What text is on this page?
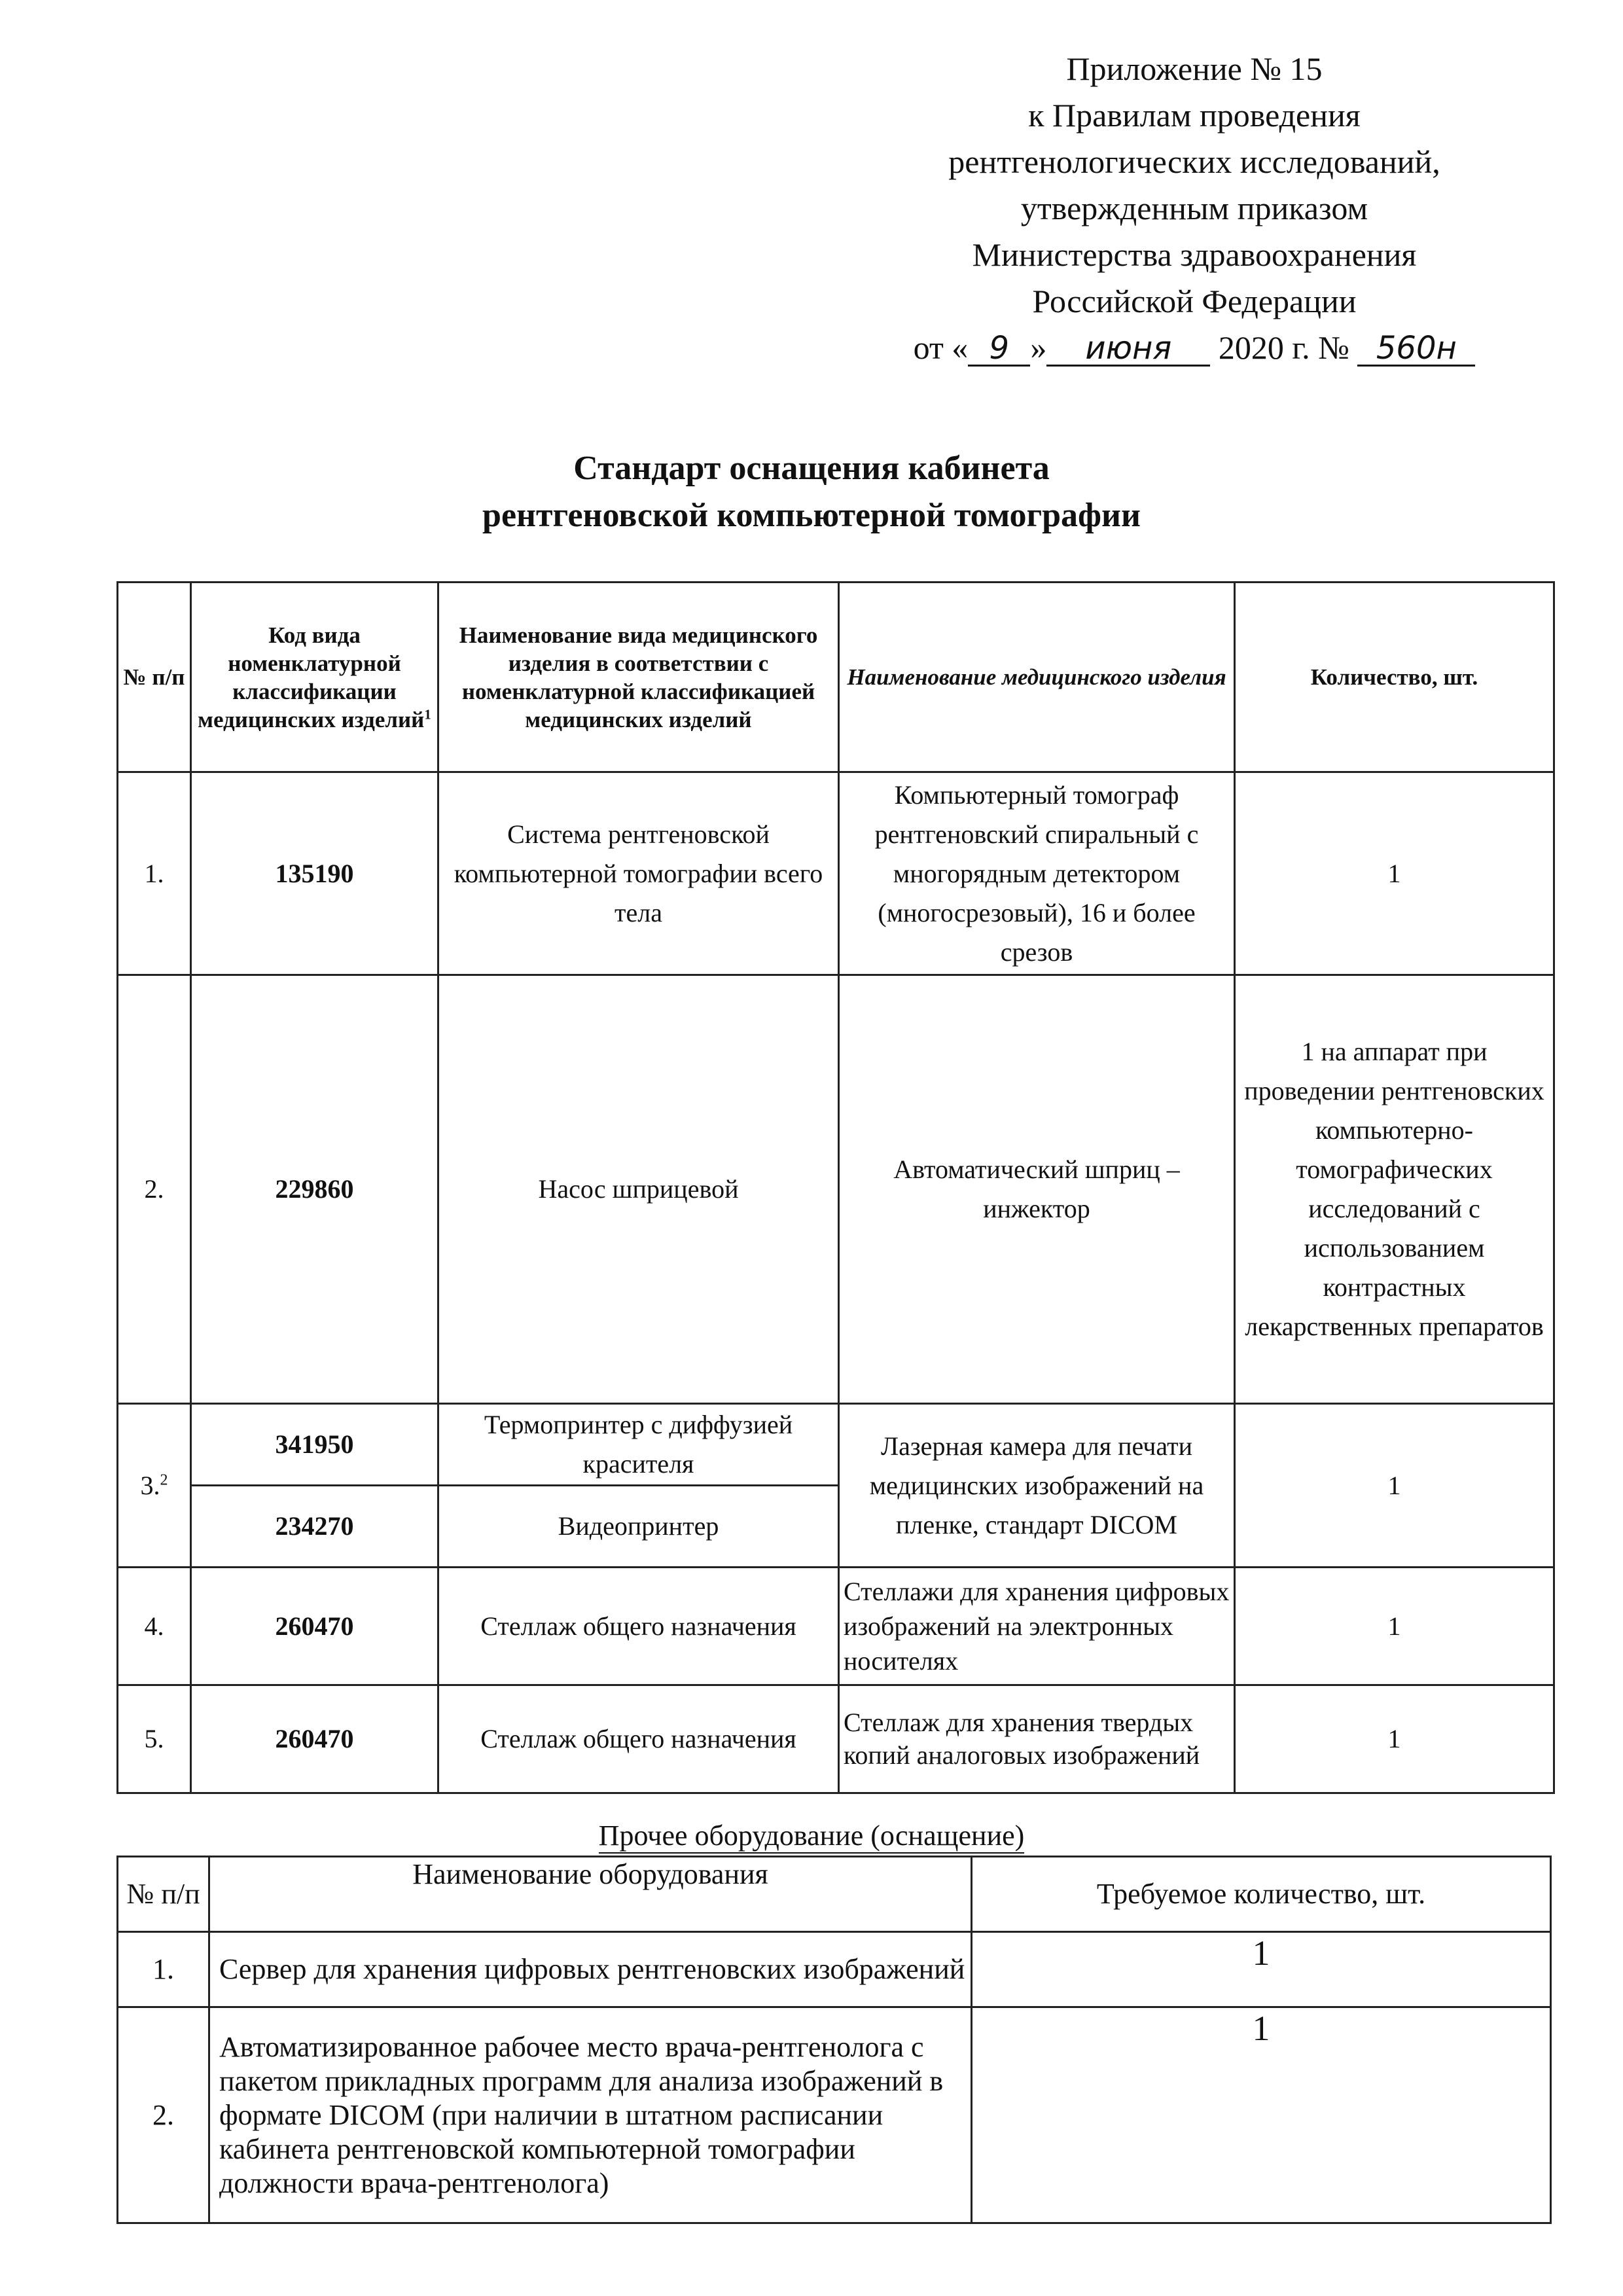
Приложение № 15
к Правилам проведения
рентгенологических исследований,
утвержденным приказом
Министерства здравоохранения
Российской Федерации
от « 9 » июня 2020 г. № 560н
Стандарт оснащения кабинета
рентгеновской компьютерной томографии
№ п/п	Код вида номенклатурной классификации медицинских изделий$^1$	Наименование вида медицинского изделия в соответствии с номенклатурной классификацией медицинских изделий	Наименование медицинского изделия	Количество, шт.
1.	135190	Система рентгеновской компьютерной томографии всего тела	Компьютерный томограф рентгеновский спиральный с многорядным детектором (многосрезовый), 16 и более срезов	1
2.	229860	Насос шприцевой	Автоматический шприц – инжектор	1 на аппарат при проведении рентгеновских компьютерно-томографических исследований с использованием контрастных лекарственных препаратов
3.$^2$	341950	Термопринтер с диффузией красителя	Лазерная камера для печати медицинских изображений на пленке, стандарт DICOM	1
	234270	Видеопринтер		
4.	260470	Стеллаж общего назначения	Стеллажи для хранения цифровых изображений на электронных носителях	1
5.	260470	Стеллаж общего назначения	Стеллаж для хранения твердых копий аналоговых изображений	1
Прочее оборудование (оснащение)
№ п/п	Наименование оборудования	Требуемое количество, шт.
1.	Сервер для хранения цифровых рентгеновских изображений	1
2.	Автоматизированное рабочее место врача-рентгенолога с пакетом прикладных программ для анализа изображений в формате DICOM (при наличии в штатном расписании кабинета рентгеновской компьютерной томографии должности врача-рентгенолога)	1
